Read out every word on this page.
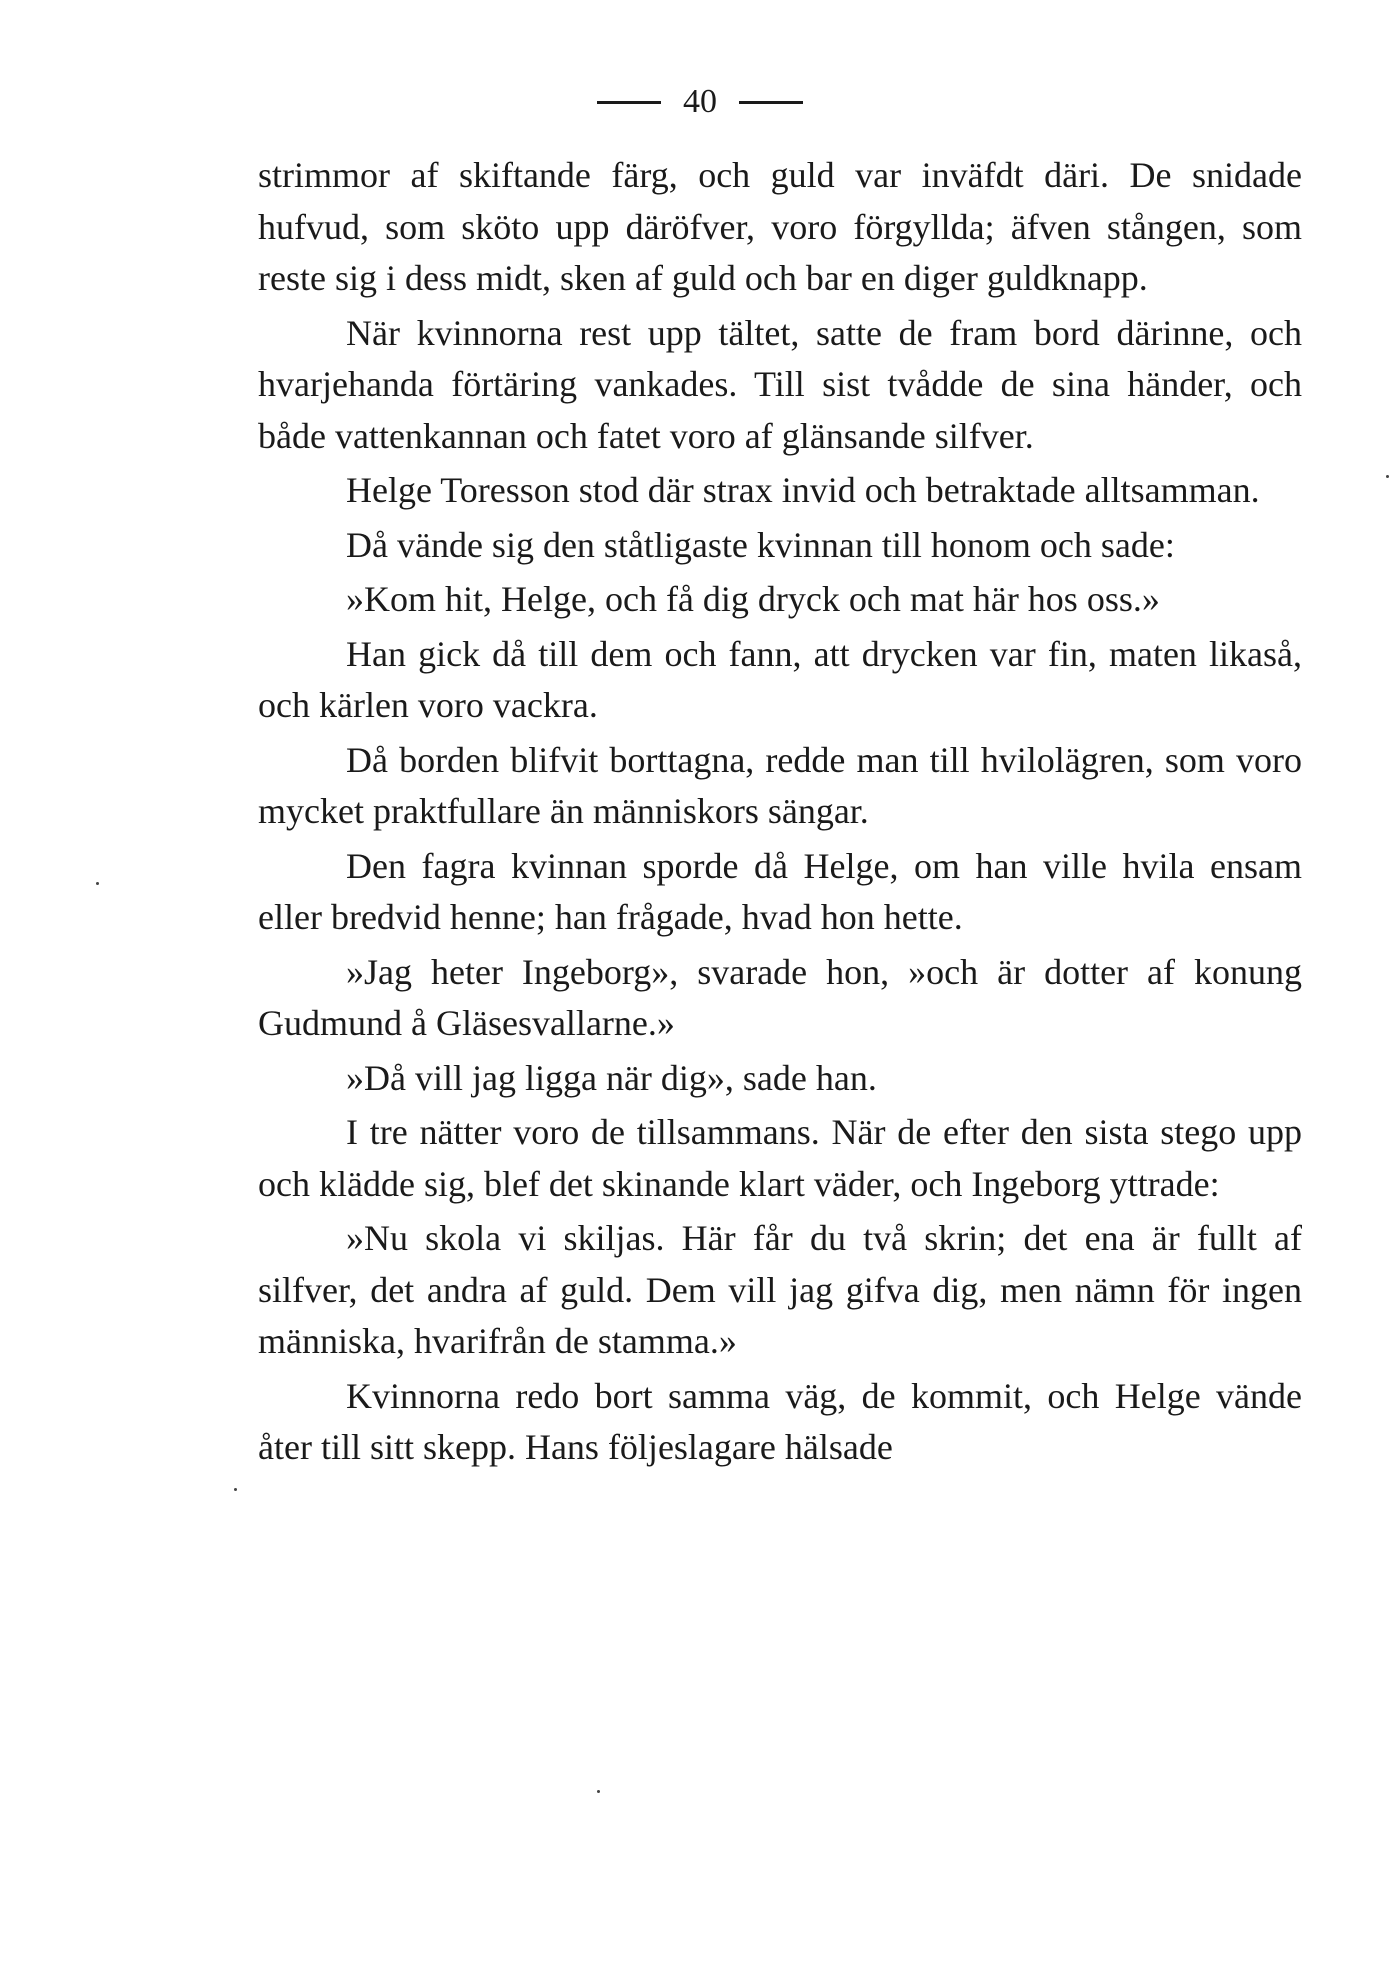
40

strimmor af skiftande färg, och guld var inväfdt däri. De snidade hufvud, som sköto upp däröfver, voro förgyllda; äfven stången, som reste sig i dess midt, sken af guld och bar en diger guldknapp.

När kvinnorna rest upp tältet, satte de fram bord därinne, och hvarjehanda förtäring vankades. Till sist tvådde de sina händer, och både vattenkannan och fatet voro af glänsande silfver.

Helge Toresson stod där strax invid och betraktade alltsamman.

Då vände sig den ståtligaste kvinnan till honom och sade:

»Kom hit, Helge, och få dig dryck och mat här hos oss.»

Han gick då till dem och fann, att drycken var fin, maten likaså, och kärlen voro vackra.

Då borden blifvit borttagna, redde man till hvilolägren, som voro mycket praktfullare än människors sängar.

Den fagra kvinnan sporde då Helge, om han ville hvila ensam eller bredvid henne; han frågade, hvad hon hette.

»Jag heter Ingeborg», svarade hon, »och är dotter af konung Gudmund å Gläsesvallarne.»

»Då vill jag ligga när dig», sade han.

I tre nätter voro de tillsammans. När de efter den sista stego upp och klädde sig, blef det skinande klart väder, och Ingeborg yttrade:

»Nu skola vi skiljas. Här får du två skrin; det ena är fullt af silfver, det andra af guld. Dem vill jag gifva dig, men nämn för ingen människa, hvarifrån de stamma.»

Kvinnorna redo bort samma väg, de kommit, och Helge vände åter till sitt skepp. Hans följeslagare hälsade
